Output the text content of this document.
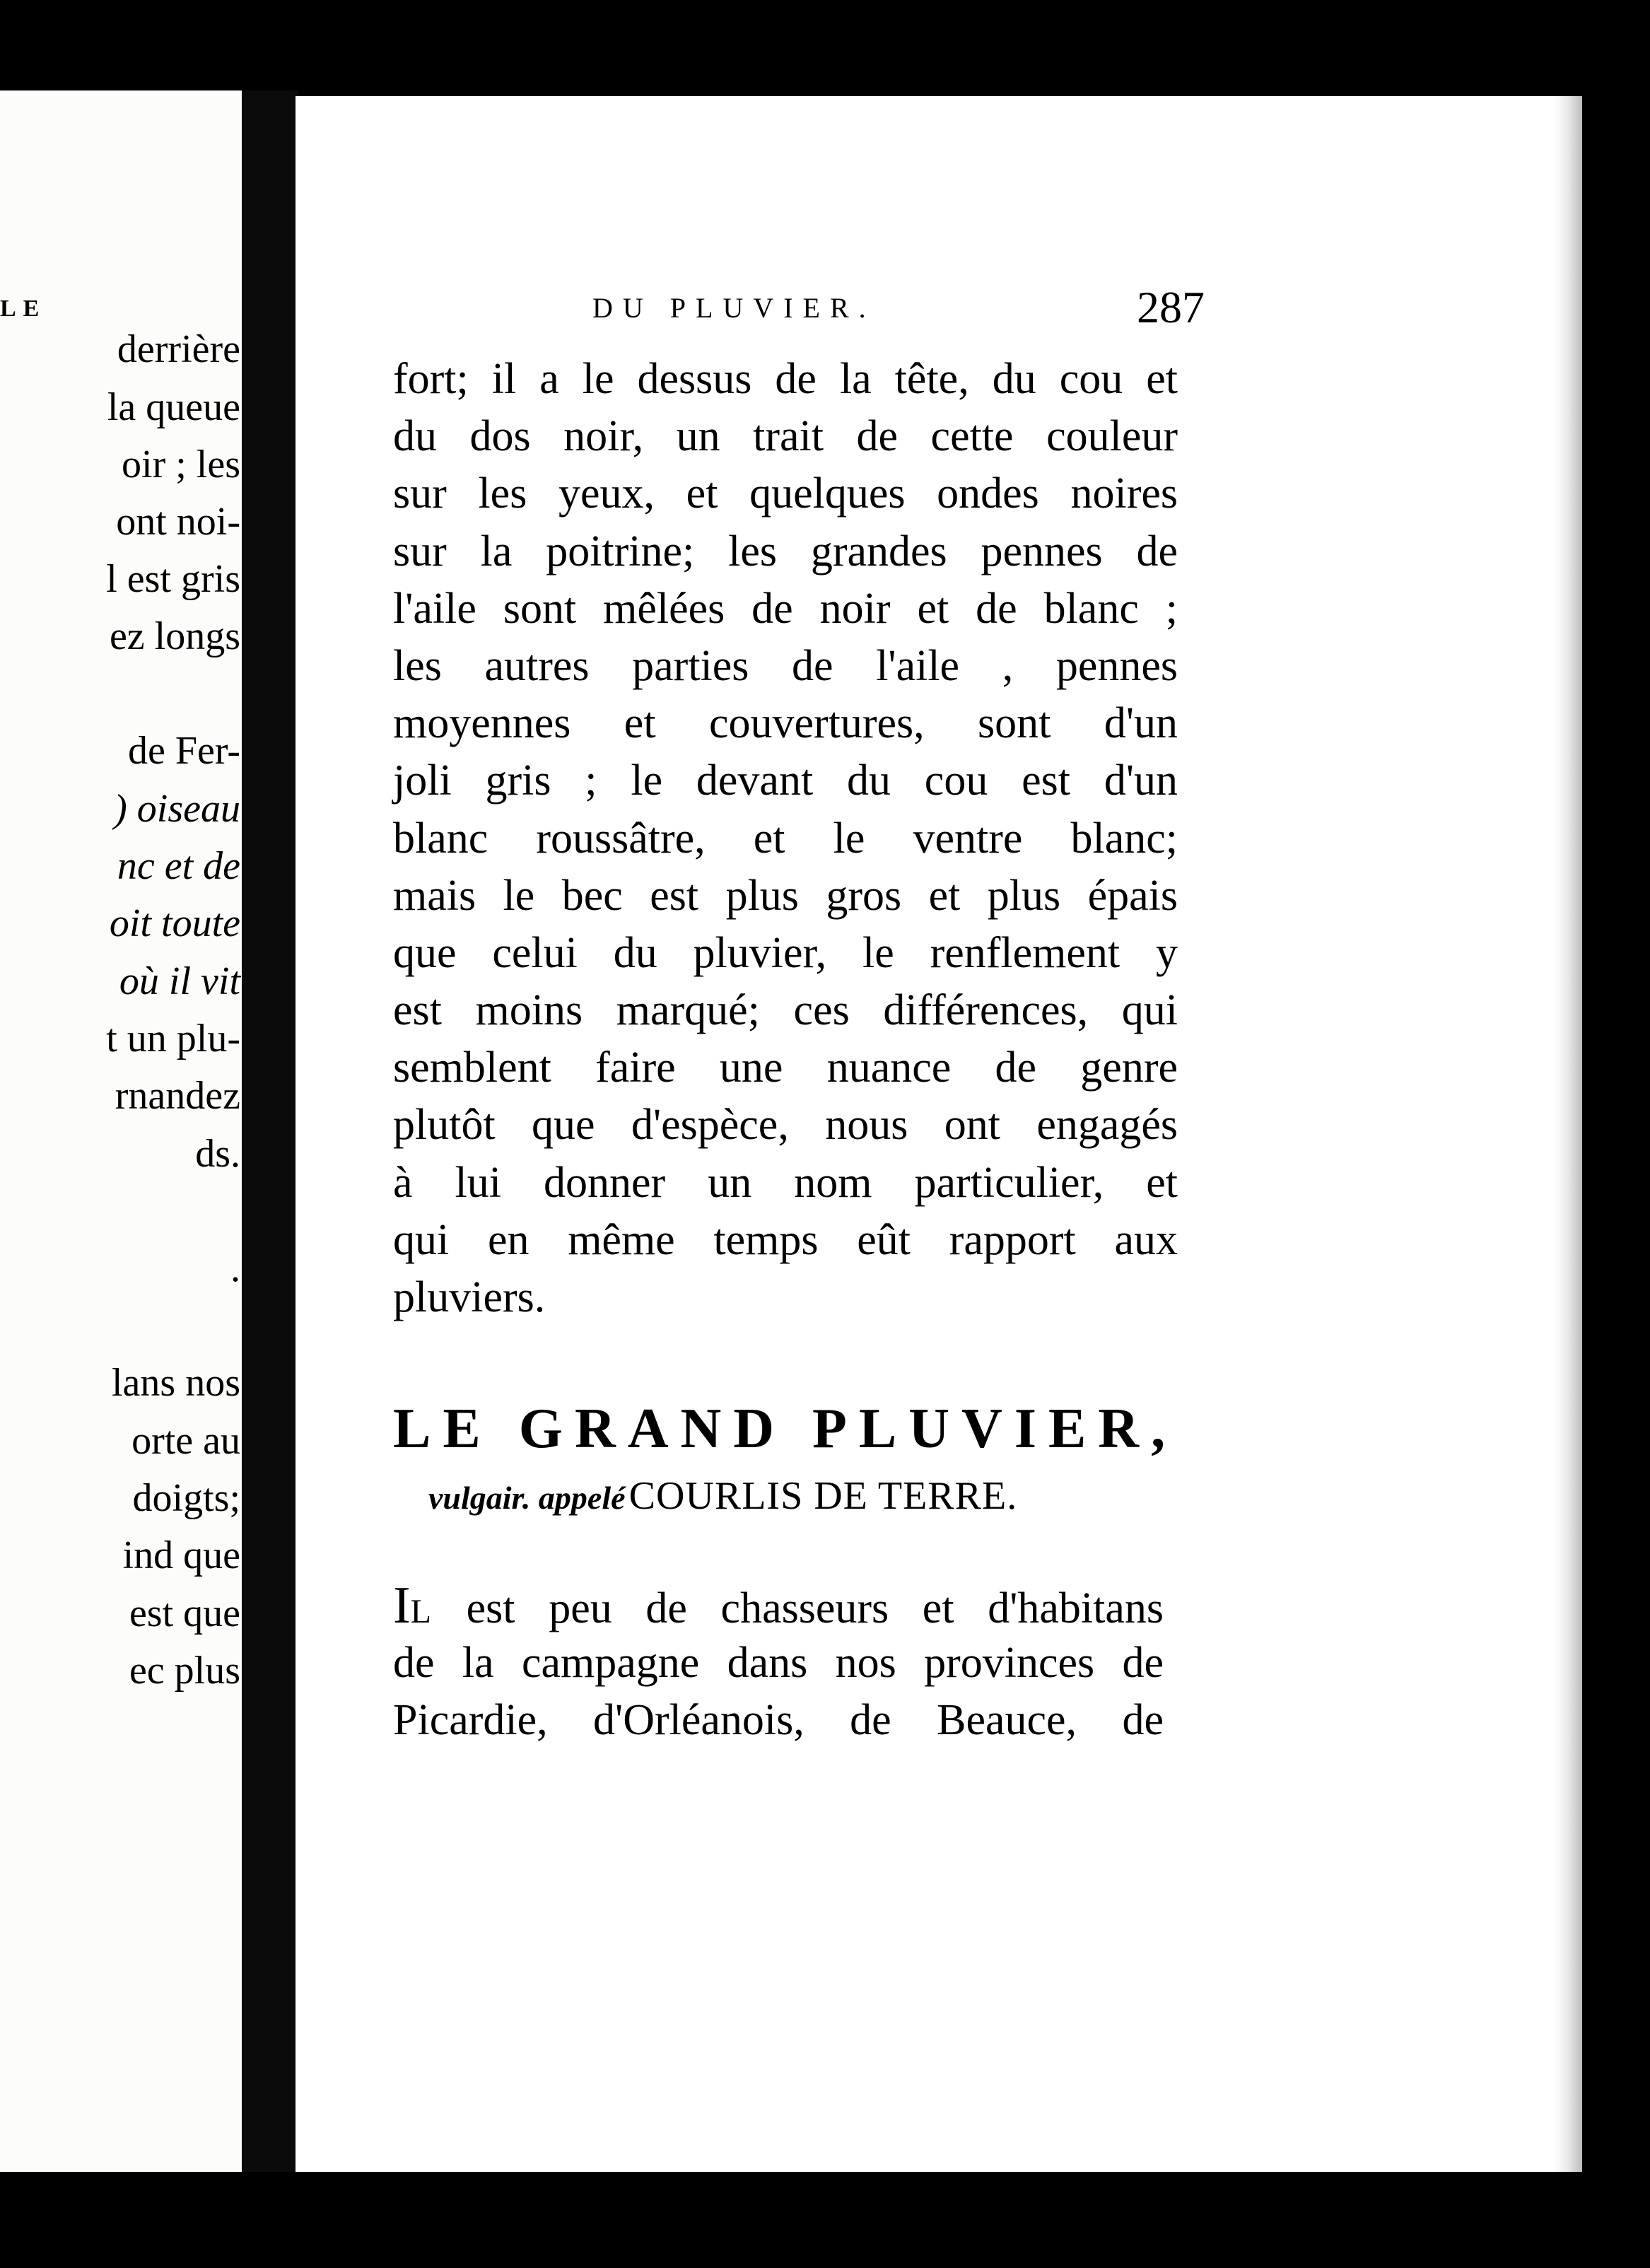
LE
derrière
la queue
oir ; les
ont noi-
l est gris
ez longs
de Fer-
) oiseau
nc et de
oit toute
où il vit
t un plu-
rnandez
ds.
.
lans nos
orte au
doigts;
ind que
est que
ec plus
DU PLUVIER.	287
fort; il a le dessus de la tête, du cou et
du dos noir, un trait de cette couleur
sur les yeux, et quelques ondes noires
sur la poitrine; les grandes pennes de
l'aile sont mêlées de noir et de blanc ;
les autres parties de l'aile , pennes
moyennes et couvertures, sont d'un
joli gris ; le devant du cou est d'un
blanc roussâtre, et le ventre blanc;
mais le bec est plus gros et plus épais
que celui du pluvier, le renflement y
est moins marqué; ces différences, qui
semblent faire une nuance de genre
plutôt que d'espèce, nous ont engagés
à lui donner un nom particulier, et
qui en même temps eût rapport aux
pluviers.
LE GRAND PLUVIER,
vulgair. appelé COURLIS DE TERRE.
IL est peu de chasseurs et d'habitans
de la campagne dans nos provinces de
Picardie, d'Orléanois, de Beauce, de
